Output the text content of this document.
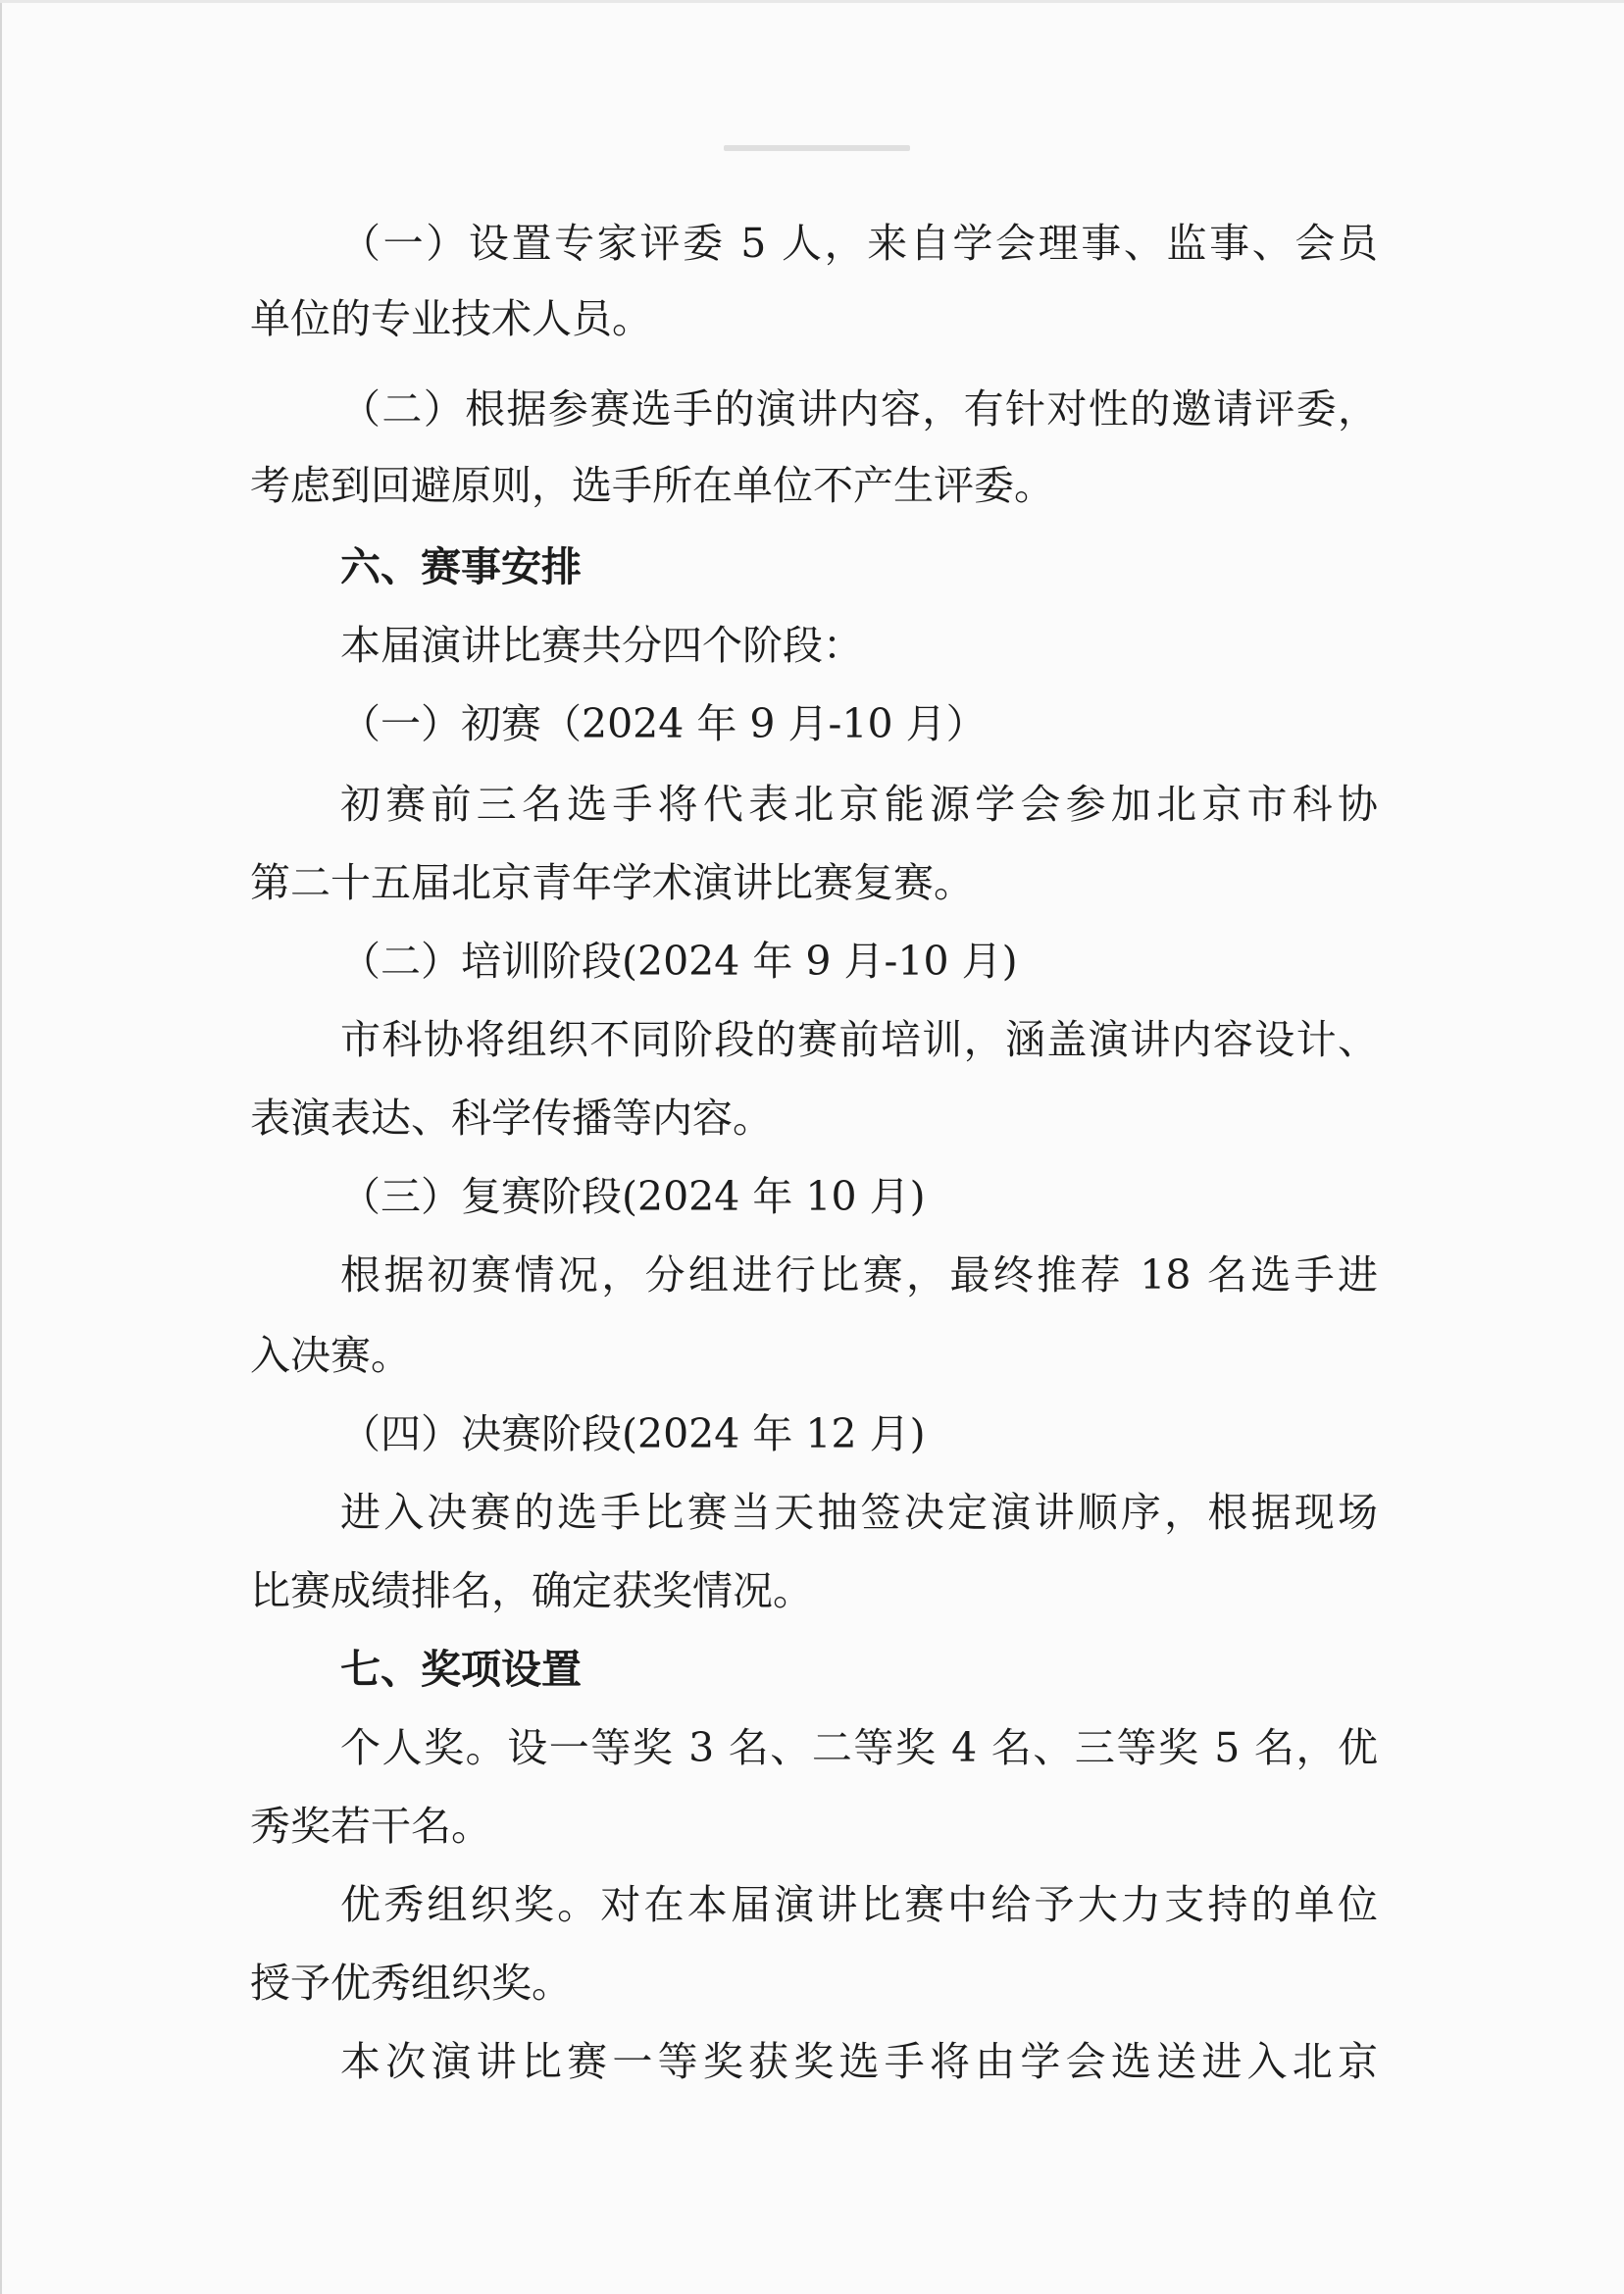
（一）设置专家评委 5 人，来自学会理事、监事、会员
单位的专业技术人员。
（二）根据参赛选手的演讲内容，有针对性的邀请评委，
考虑到回避原则，选手所在单位不产生评委。
六、赛事安排
本届演讲比赛共分四个阶段：
（一）初赛（2024 年 9 月-10 月）
初赛前三名选手将代表北京能源学会参加北京市科协
第二十五届北京青年学术演讲比赛复赛。
（二）培训阶段(2024 年 9 月-10 月)
市科协将组织不同阶段的赛前培训，涵盖演讲内容设计、
表演表达、科学传播等内容。
（三）复赛阶段(2024 年 10 月)
根据初赛情况，分组进行比赛，最终推荐 18 名选手进
入决赛。
（四）决赛阶段(2024 年 12 月)
进入决赛的选手比赛当天抽签决定演讲顺序，根据现场
比赛成绩排名，确定获奖情况。
七、奖项设置
个人奖。设一等奖 3 名、二等奖 4 名、三等奖 5 名，优
秀奖若干名。
优秀组织奖。对在本届演讲比赛中给予大力支持的单位
授予优秀组织奖。
本次演讲比赛一等奖获奖选手将由学会选送进入北京
